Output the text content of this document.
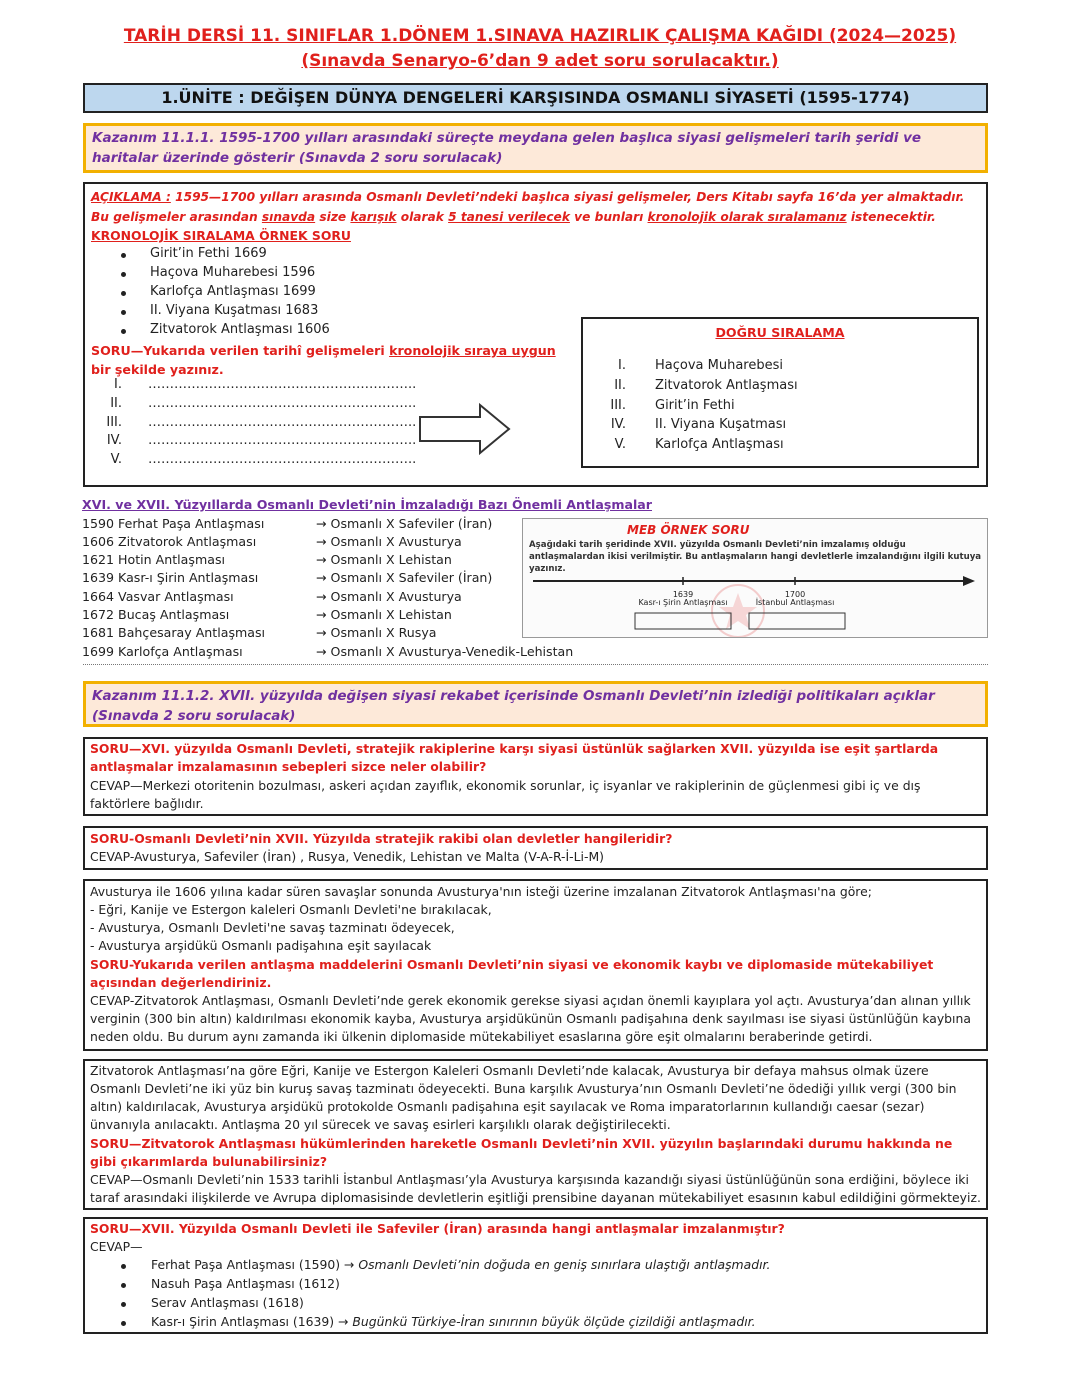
TARİH DERSİ 11. SINIFLAR 1.DÖNEM 1.SINAVA HAZIRLIK ÇALIŞMA KAĞIDI (2024—2025)
(Sınavda Senaryo-6’dan 9 adet soru sorulacaktır.)
1.ÜNİTE : DEĞİŞEN DÜNYA DENGELERİ KARŞISINDA OSMANLI SİYASETİ (1595-1774)
Kazanım 11.1.1. 1595-1700 yılları arasındaki süreçte meydana gelen başlıca siyasi gelişmeleri tarih şeridi ve haritalar üzerinde gösterir (Sınavda 2 soru sorulacak)
AÇIKLAMA : 1595—1700 yılları arasında Osmanlı Devleti’ndeki başlıca siyasi gelişmeler, Ders Kitabı sayfa 16’da yer almaktadır. Bu gelişmeler arasından sınavda size karışık olarak 5 tanesi verilecek ve bunları kronolojik olarak sıralamanız istenecektir.
KRONOLOJİK SIRALAMA ÖRNEK SORU
Girit’in Fethi 1669
Haçova Muharebesi 1596
Karlofça Antlaşması 1699
II. Viyana Kuşatması 1683
Zitvatorok Antlaşması 1606
SORU—Yukarıda verilen tarihî gelişmeleri kronolojik sıraya uygun bir şekilde yazınız.
I. ……………………………………………………..
II. ……………………………………………………..
III. ……………………………………………………..
IV. ……………………………………………………..
V. ……………………………………………………..
DOĞRU SIRALAMA
I. Haçova Muharebesi
II. Zitvatorok Antlaşması
III. Girit’in Fethi
IV. II. Viyana Kuşatması
V. Karlofça Antlaşması
XVI. ve XVII. Yüzyıllarda Osmanlı Devleti’nin İmzaladığı Bazı Önemli Antlaşmalar
1590 Ferhat Paşa Antlaşması	→ Osmanlı X Safeviler (İran)
1606 Zitvatorok Antlaşması	→ Osmanlı X Avusturya
1621 Hotin Antlaşması	→ Osmanlı X Lehistan
1639 Kasr-ı Şirin Antlaşması	→ Osmanlı X Safeviler (İran)
1664 Vasvar Antlaşması	→ Osmanlı X Avusturya
1672 Bucaş Antlaşması	→ Osmanlı X Lehistan
1681 Bahçesaray Antlaşması	→ Osmanlı X Rusya
1699 Karlofça Antlaşması	→ Osmanlı X Avusturya-Venedik-Lehistan
MEB ÖRNEK SORU
Aşağıdaki tarih şeridinde XVII. yüzyılda Osmanlı Devleti’nin imzalamış olduğu antlaşmalardan ikisi verilmiştir. Bu antlaşmaların hangi devletlerle imzalandığını ilgili kutuya yazınız.
1639
Kasr-ı Şirin Antlaşması
1700
İstanbul Antlaşması
Kazanım 11.1.2. XVII. yüzyılda değişen siyasi rekabet içerisinde Osmanlı Devleti’nin izlediği politikaları açıklar (Sınavda 2 soru sorulacak)
SORU—XVI. yüzyılda Osmanlı Devleti, stratejik rakiplerine karşı siyasi üstünlük sağlarken XVII. yüzyılda ise eşit şartlarda antlaşmalar imzalamasının sebepleri sizce neler olabilir?
CEVAP—Merkezi otoritenin bozulması, askeri açıdan zayıflık, ekonomik sorunlar, iç isyanlar ve rakiplerinin de güçlenmesi gibi iç ve dış faktörlere bağlıdır.
SORU-Osmanlı Devleti’nin XVII. Yüzyılda stratejik rakibi olan devletler hangileridir?
CEVAP-Avusturya, Safeviler (İran) , Rusya, Venedik, Lehistan ve Malta (V-A-R-İ-Li-M)
Avusturya ile 1606 yılına kadar süren savaşlar sonunda Avusturya'nın isteği üzerine imzalanan Zitvatorok Antlaşması'na göre;
- Eğri, Kanije ve Estergon kaleleri Osmanlı Devleti'ne bırakılacak,
- Avusturya, Osmanlı Devleti'ne savaş tazminatı ödeyecek,
- Avusturya arşidükü Osmanlı padişahına eşit sayılacak
SORU-Yukarıda verilen antlaşma maddelerini Osmanlı Devleti’nin siyasi ve ekonomik kaybı ve diplomaside mütekabiliyet açısından değerlendiriniz.
CEVAP-Zitvatorok Antlaşması, Osmanlı Devleti’nde gerek ekonomik gerekse siyasi açıdan önemli kayıplara yol açtı. Avusturya’dan alınan yıllık verginin (300 bin altın) kaldırılması ekonomik kayba, Avusturya arşidükünün Osmanlı padişahına denk sayılması ise siyasi üstünlüğün kaybına neden oldu. Bu durum aynı zamanda iki ülkenin diplomaside mütekabiliyet esaslarına göre eşit olmalarını beraberinde getirdi.
Zitvatorok Antlaşması’na göre Eğri, Kanije ve Estergon Kaleleri Osmanlı Devleti’nde kalacak, Avusturya bir defaya mahsus olmak üzere Osmanlı Devleti’ne iki yüz bin kuruş savaş tazminatı ödeyecekti. Buna karşılık Avusturya’nın Osmanlı Devleti’ne ödediği yıllık vergi (300 bin altın) kaldırılacak, Avusturya arşidükü protokolde Osmanlı padişahına eşit sayılacak ve Roma imparatorlarının kullandığı caesar (sezar) ünvanıyla anılacaktı. Antlaşma 20 yıl sürecek ve savaş esirleri karşılıklı olarak değiştirilecekti.
SORU—Zitvatorok Antlaşması hükümlerinden hareketle Osmanlı Devleti’nin XVII. yüzyılın başlarındaki durumu hakkında ne gibi çıkarımlarda bulunabilirsiniz?
CEVAP—Osmanlı Devleti’nin 1533 tarihli İstanbul Antlaşması’yla Avusturya karşısında kazandığı siyasi üstünlüğünün sona erdiğini, böylece iki taraf arasındaki ilişkilerde ve Avrupa diplomasisinde devletlerin eşitliği prensibine dayanan mütekabiliyet esasının kabul edildiğini görmekteyiz.
SORU—XVII. Yüzyılda Osmanlı Devleti ile Safeviler (İran) arasında hangi antlaşmalar imzalanmıştır?
CEVAP—
Ferhat Paşa Antlaşması (1590) → Osmanlı Devleti’nin doğuda en geniş sınırlara ulaştığı antlaşmadır.
Nasuh Paşa Antlaşması (1612)
Serav Antlaşması (1618)
Kasr-ı Şirin Antlaşması (1639) → Bugünkü Türkiye-İran sınırının büyük ölçüde çizildiği antlaşmadır.
